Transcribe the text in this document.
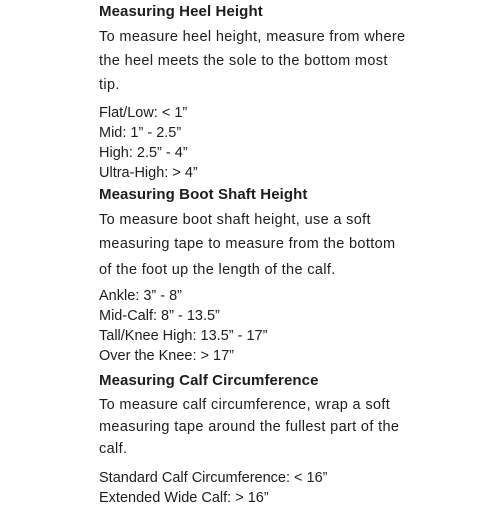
Measuring Heel Height
To measure heel height, measure from where
the heel meets the sole to the bottom most
tip.
Flat/Low: < 1”
Mid: 1” - 2.5”
High: 2.5” - 4”
Ultra-High: > 4”
Measuring Boot Shaft Height
To measure boot shaft height, use a soft
measuring tape to measure from the bottom
of the foot up the length of the calf.
Ankle: 3” - 8”
Mid-Calf: 8” - 13.5”
Tall/Knee High: 13.5” - 17”
Over the Knee: > 17”
Measuring Calf Circumference
To measure calf circumference, wrap a soft
measuring tape around the fullest part of the
calf.
Standard Calf Circumference: < 16”
Extended Wide Calf: > 16”
